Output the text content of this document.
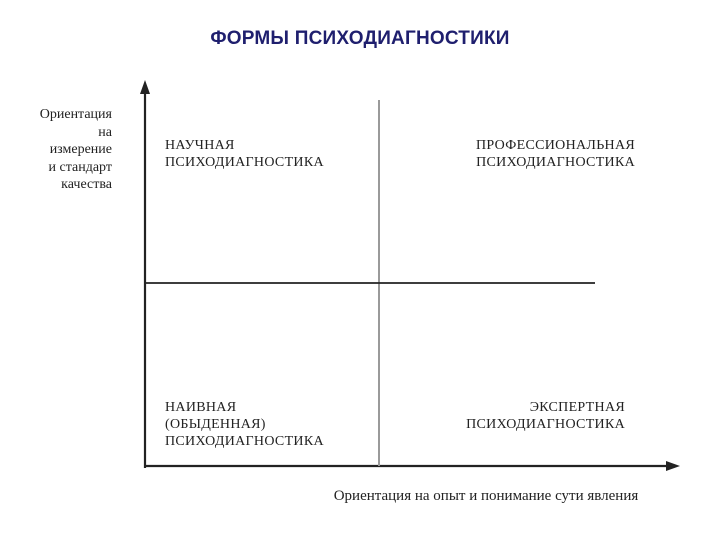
ФОРМЫ ПСИХОДИАГНОСТИКИ
Ориентация
на
измерение
и стандарт
качества
НАУЧНАЯ
ПСИХОДИАГНОСТИКА
ПРОФЕССИОНАЛЬНАЯ
ПСИХОДИАГНОСТИКА
НАИВНАЯ
(ОБЫДЕННАЯ)
ПСИХОДИАГНОСТИКА
ЭКСПЕРТНАЯ
ПСИХОДИАГНОСТИКА
Ориентация на опыт и понимание сути явления
